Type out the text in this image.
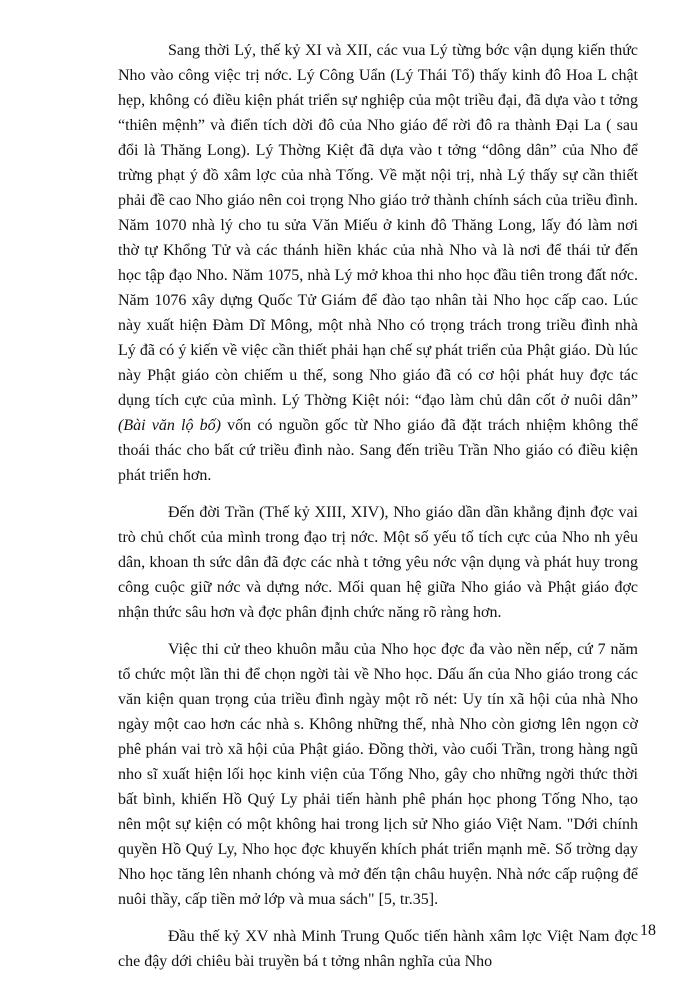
Sang thời Lý, thế kỷ XI và XII, các vua Lý từng bớc vận dụng kiến thức Nho vào công việc trị nớc. Lý Công Uẩn (Lý Thái Tổ) thấy kinh đô Hoa L chật hẹp, không có điều kiện phát triển sự nghiệp của một triều đại, đã dựa vào t tởng “thiên mệnh” và điển tích dời đô của Nho giáo để rời đô ra thành Đại La ( sau đổi là Thăng Long). Lý Thờng Kiệt đã dựa vào t tởng “dông dân” của Nho để trừng phạt ý đồ xâm lợc của nhà Tống. Về mặt nội trị, nhà Lý thấy sự cần thiết phải đề cao Nho giáo nên coi trọng Nho giáo trở thành chính sách của triều đình. Năm 1070 nhà lý cho tu sửa Văn Miếu ở kinh đô Thăng Long, lấy đó làm nơi thờ tự Khổng Tử và các thánh hiền khác của nhà Nho và là nơi để thái tử đến học tập đạo Nho. Năm 1075, nhà Lý mở khoa thi nho học đầu tiên trong đất nớc. Năm 1076 xây dựng Quốc Tử Giám để đào tạo nhân tài Nho học cấp cao. Lúc này xuất hiện Đàm Dĩ Mông, một nhà Nho có trọng trách trong triều đình nhà Lý đã có ý kiến về việc cần thiết phải hạn chế sự phát triển của Phật giáo. Dù lúc này Phật giáo còn chiếm u thế, song Nho giáo đã có cơ hội phát huy đợc tác dụng tích cực của mình. Lý Thờng Kiệt nói: “đạo làm chủ dân cốt ở nuôi dân” (Bài văn lộ bố) vốn có nguồn gốc từ Nho giáo đã đặt trách nhiệm không thể thoái thác cho bất cứ triều đình nào. Sang đến triều Trần Nho giáo có điều kiện phát triển hơn.

Đến đời Trần (Thế kỷ XIII, XIV), Nho giáo dần dần khẳng định đợc vai trò chủ chốt của mình trong đạo trị nớc. Một số yếu tố tích cực của Nho nh yêu dân, khoan th sức dân đã đợc các nhà t tởng yêu nớc vận dụng và phát huy trong công cuộc giữ nớc và dựng nớc. Mối quan hệ giữa Nho giáo và Phật giáo đợc nhận thức sâu hơn và đợc phân định chức năng rõ ràng hơn.

Việc thi cử theo khuôn mẫu của Nho học đợc đa vào nền nếp, cứ 7 năm tổ chức một lần thi để chọn ngời tài về Nho học. Dấu ấn của Nho giáo trong các văn kiện quan trọng của triều đình ngày một rõ nét: Uy tín xã hội của nhà Nho ngày một cao hơn các nhà s. Không những thế, nhà Nho còn giơng lên ngọn cờ phê phán vai trò xã hội của Phật giáo. Đồng thời, vào cuối Trần, trong hàng ngũ nho sĩ xuất hiện lối học kinh viện của Tống Nho, gây cho những ngời thức thời bất bình, khiến Hồ Quý Ly phải tiến hành phê phán học phong Tống Nho, tạo nên một sự kiện có một không hai trong lịch sử Nho giáo Việt Nam. "Dới chính quyền Hồ Quý Ly, Nho học đợc khuyến khích phát triển mạnh mẽ. Số trờng dạy Nho học tăng lên nhanh chóng và mở đến tận châu huyện. Nhà nớc cấp ruộng để nuôi thầy, cấp tiền mở lớp và mua sách" [5, tr.35].

Đầu thế kỷ XV nhà Minh Trung Quốc tiến hành xâm lợc Việt Nam đợc che đậy dới chiêu bài truyền bá t tởng nhân nghĩa của Nho

18
